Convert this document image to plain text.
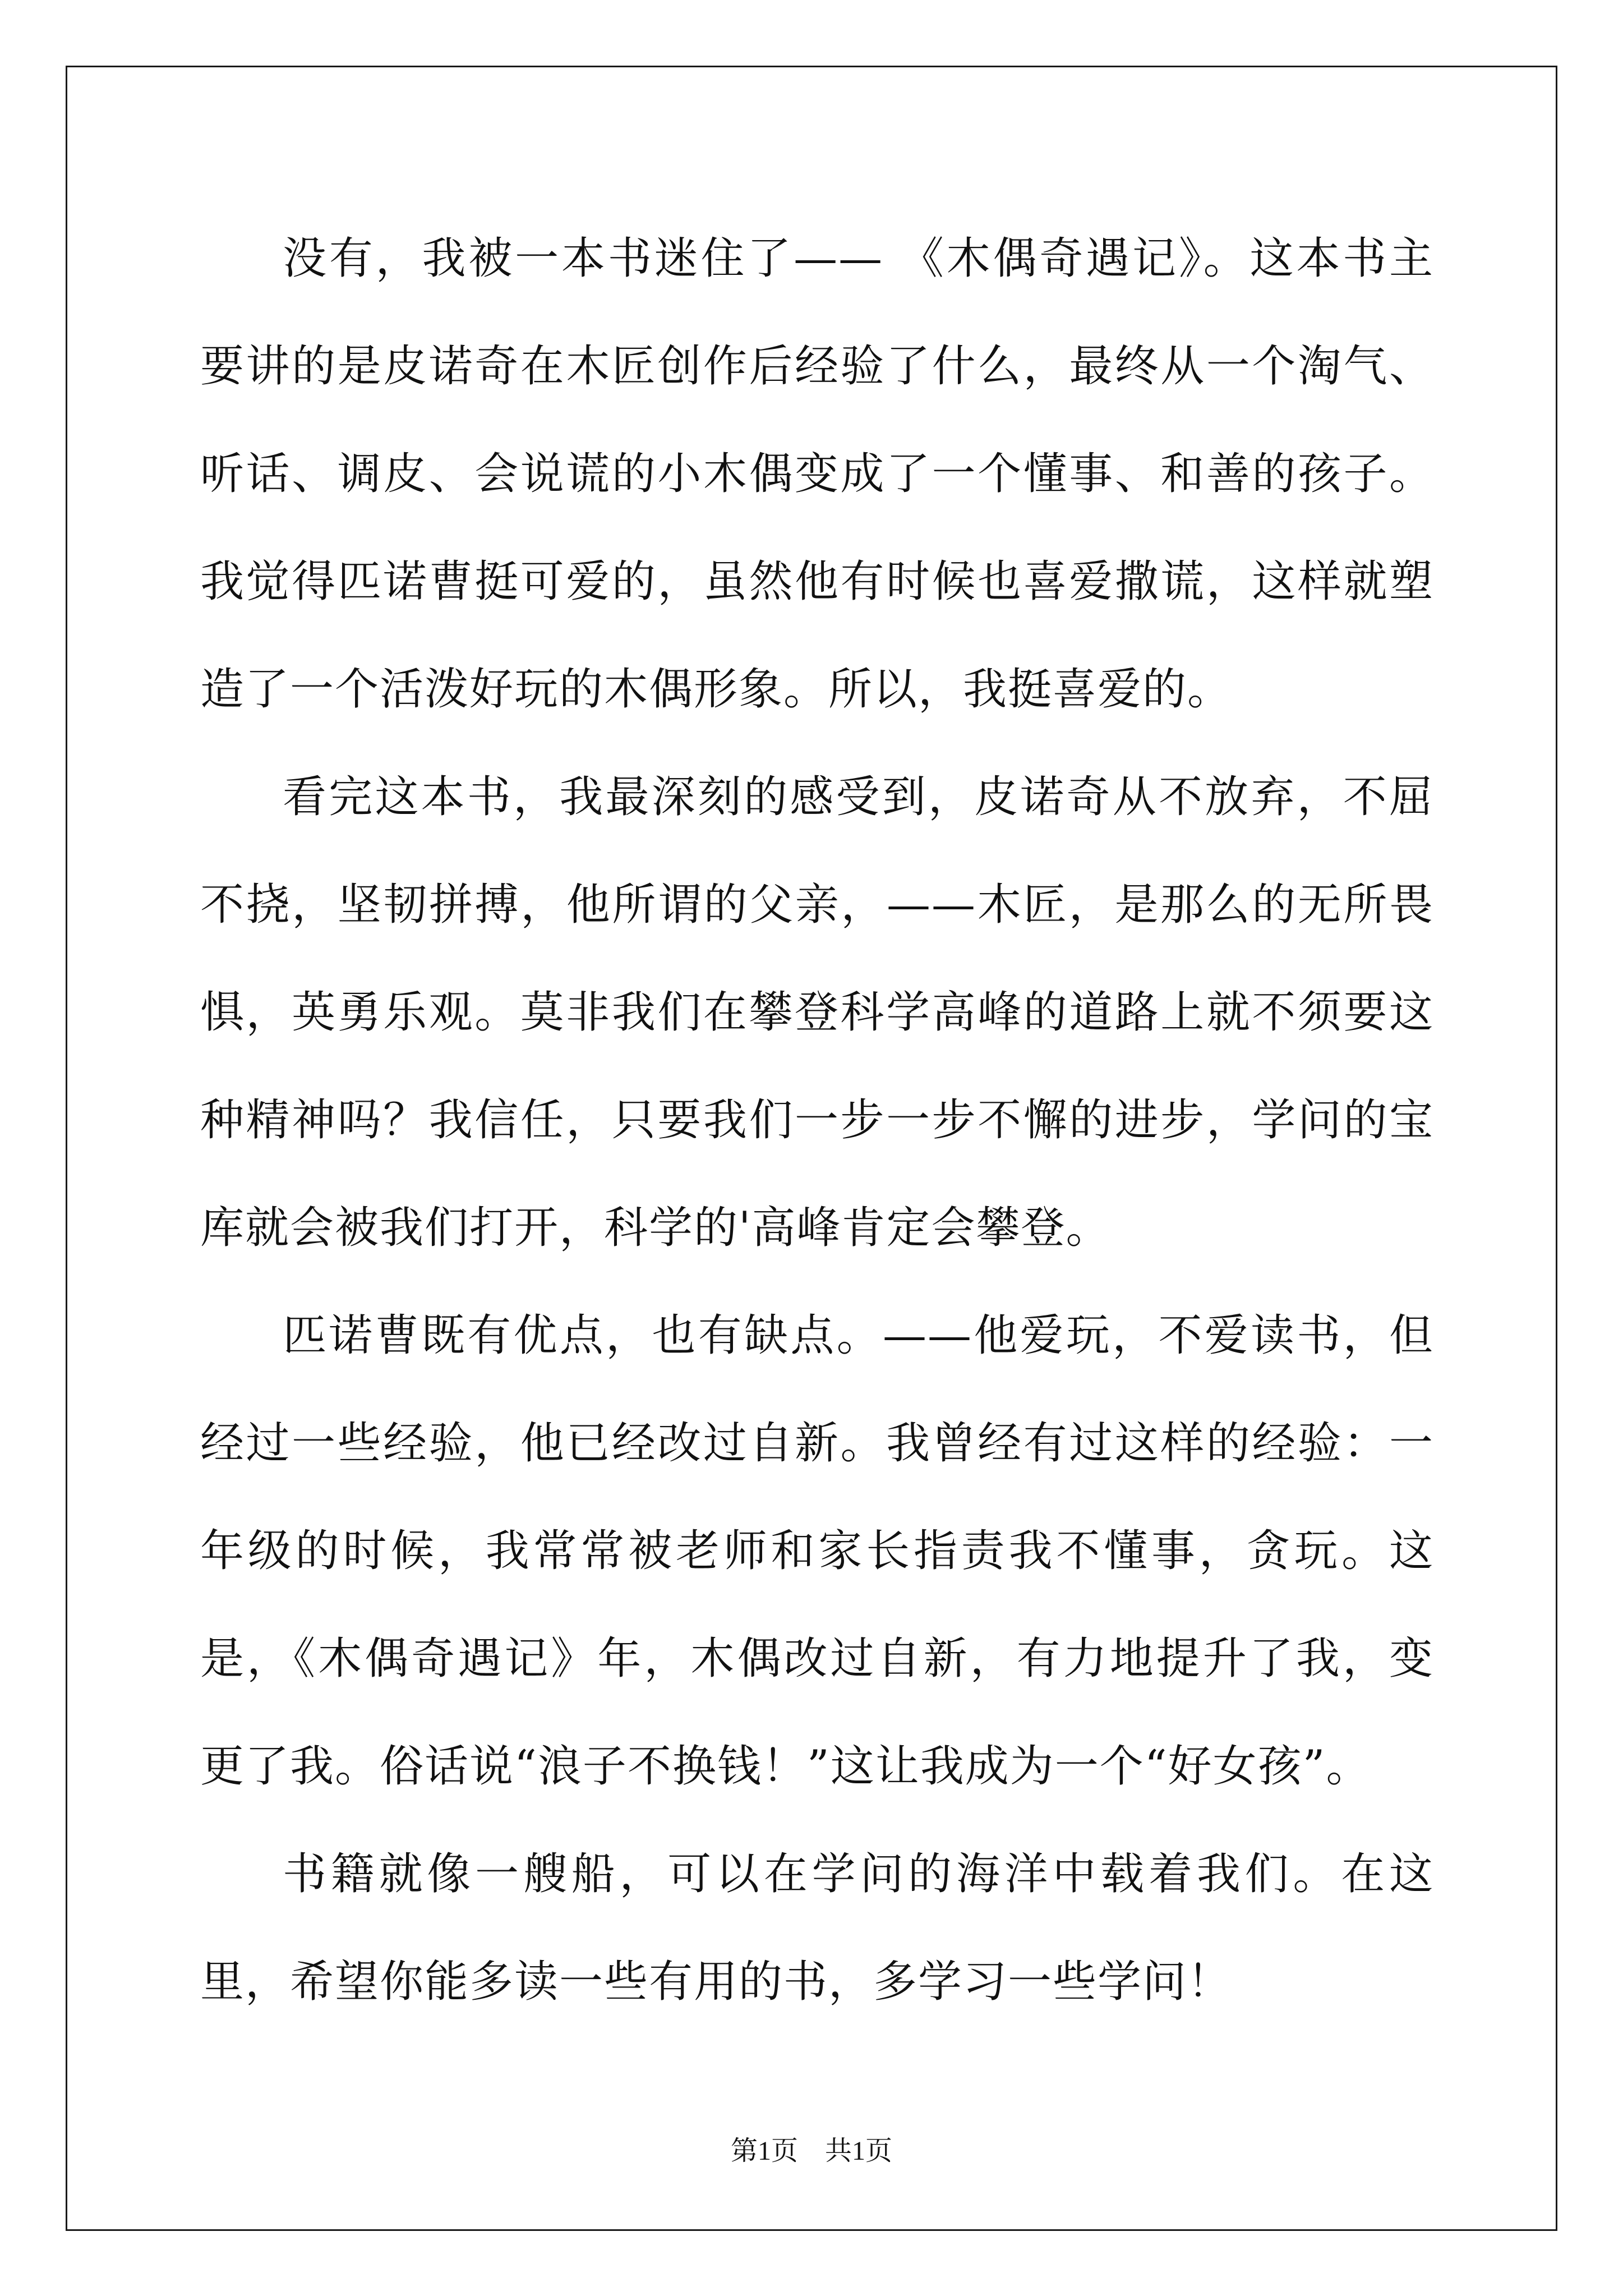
没有，我被一本书迷住了—— 《木偶奇遇记》。这本书主要讲的是皮诺奇在木匠创作后经验了什么，最终从一个淘气、听话、调皮、会说谎的小木偶变成了一个懂事、和善的孩子。我觉得匹诺曹挺可爱的，虽然他有时候也喜爱撒谎，这样就塑造了一个活泼好玩的木偶形象。所以，我挺喜爱的。

看完这本书，我最深刻的感受到，皮诺奇从不放弃，不屈不挠，坚韧拼搏，他所谓的父亲，——木匠，是那么的无所畏惧，英勇乐观。莫非我们在攀登科学高峰的道路上就不须要这种精神吗？我信任，只要我们一步一步不懈的进步，学问的宝库就会被我们打开，科学的'高峰肯定会攀登。

匹诺曹既有优点，也有缺点。——他爱玩，不爱读书，但经过一些经验，他已经改过自新。我曾经有过这样的经验：一年级的时候，我常常被老师和家长指责我不懂事，贪玩。这是，《木偶奇遇记》年，木偶改过自新，有力地提升了我，变更了我。俗话说“浪子不换钱！”这让我成为一个“好女孩”。

书籍就像一艘船，可以在学问的海洋中载着我们。在这里，希望你能多读一些有用的书，多学习一些学问！

第1页 共1页
